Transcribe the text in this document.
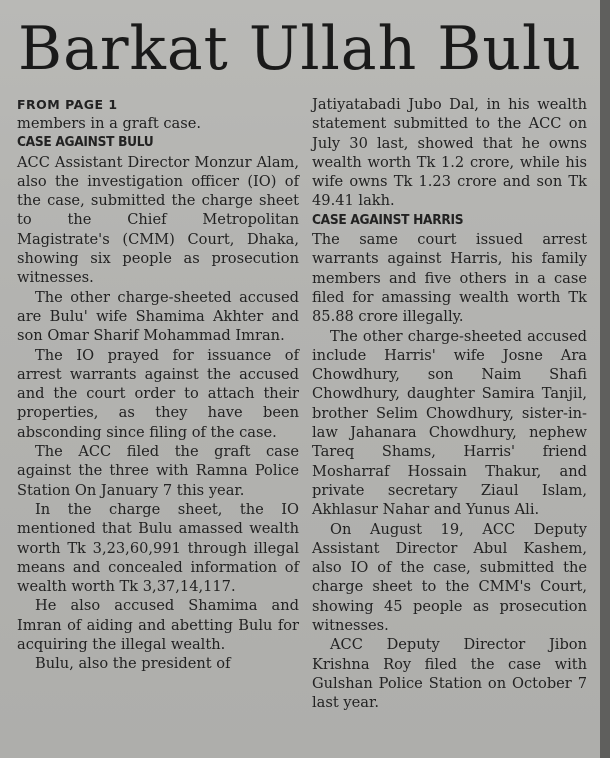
Barkat Ullah Bulu

FROM PAGE 1

members in a graft case.

CASE AGAINST BULU

ACC Assistant Director Monzur Alam, also the investigation officer (IO) of the case, submitted the charge sheet to the Chief Metropolitan Magistrate's (CMM) Court, Dhaka, showing six people as prosecution witnesses.

The other charge-sheeted accused are Bulu' wife Shamima Akhter and son Omar Sharif Mohammad Imran.

The IO prayed for issuance of arrest warrants against the accused and the court order to attach their properties, as they have been absconding since filing of the case.

The ACC filed the graft case against the three with Ramna Police Station On January 7 this year.

In the charge sheet, the IO mentioned that Bulu amassed wealth worth Tk 3,23,60,991 through illegal means and concealed information of wealth worth Tk 3,37,14,117.

He also accused Shamima and Imran of aiding and abetting Bulu for acquiring the illegal wealth.

Bulu, also the president of

Jatiyatabadi Jubo Dal, in his wealth statement submitted to the ACC on July 30 last, showed that he owns wealth worth Tk 1.2 crore, while his wife owns Tk 1.23 crore and son Tk 49.41 lakh.

CASE AGAINST HARRIS

The same court issued arrest warrants against Harris, his family members and five others in a case filed for amassing wealth worth Tk 85.88 crore illegally.

The other charge-sheeted accused include Harris' wife Josne Ara Chowdhury, son Naim Shafi Chowdhury, daughter Samira Tanjil, brother Selim Chowdhury, sister-in-law Jahanara Chowdhury, nephew Tareq Shams, Harris' friend Mosharraf Hossain Thakur, and private secretary Ziaul Islam, Akhlasur Nahar and Yunus Ali.

On August 19, ACC Deputy Assistant Director Abul Kashem, also IO of the case, submitted the charge sheet to the CMM's Court, showing 45 people as prosecution witnesses.

ACC Deputy Director Jibon Krishna Roy filed the case with Gulshan Police Station on October 7 last year.
